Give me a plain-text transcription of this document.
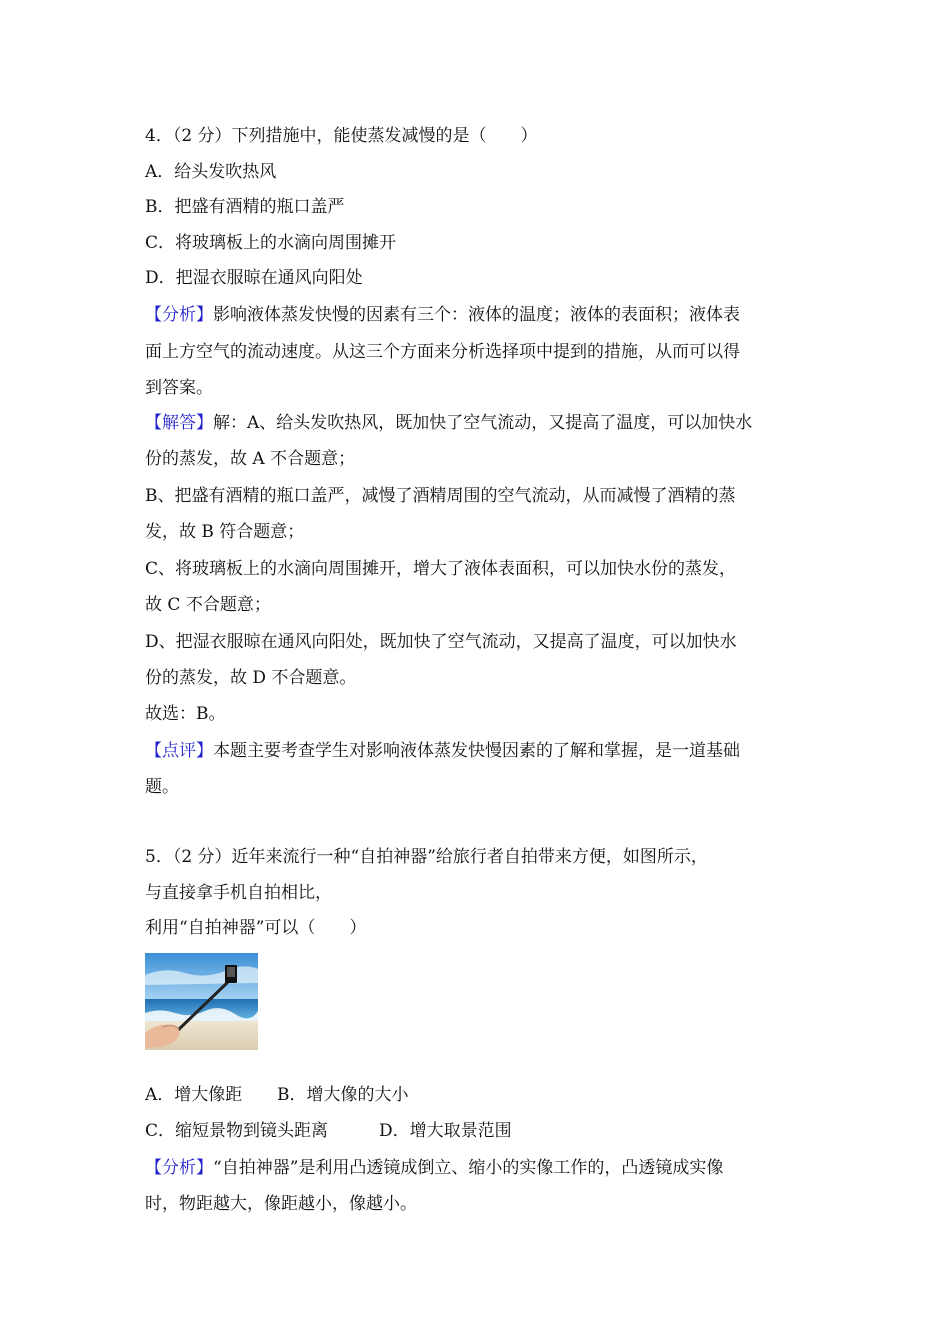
4．（2 分）下列措施中，能使蒸发减慢的是（　　）
A．给头发吹热风
B．把盛有酒精的瓶口盖严
C．将玻璃板上的水滴向周围摊开
D．把湿衣服晾在通风向阳处
【分析】影响液体蒸发快慢的因素有三个：液体的温度；液体的表面积；液体表
面上方空气的流动速度。从这三个方面来分析选择项中提到的措施，从而可以得
到答案。
【解答】解：A、给头发吹热风，既加快了空气流动，又提高了温度，可以加快水
份的蒸发，故 A 不合题意；
B、把盛有酒精的瓶口盖严，减慢了酒精周围的空气流动，从而减慢了酒精的蒸
发，故 B 符合题意；
C、将玻璃板上的水滴向周围摊开，增大了液体表面积，可以加快水份的蒸发，
故 C 不合题意；
D、把湿衣服晾在通风向阳处，既加快了空气流动，又提高了温度，可以加快水
份的蒸发，故 D 不合题意。
故选：B。
【点评】本题主要考查学生对影响液体蒸发快慢因素的了解和掌握，是一道基础
题。
5．（2 分）近年来流行一种“自拍神器”给旅行者自拍带来方便，如图所示，
与直接拿手机自拍相比，
利用“自拍神器”可以（　　）
A．增大像距 B．增大像的大小
C．缩短景物到镜头距离	D．增大取景范围
【分析】“自拍神器”是利用凸透镜成倒立、缩小的实像工作的，凸透镜成实像
时，物距越大，像距越小，像越小。
